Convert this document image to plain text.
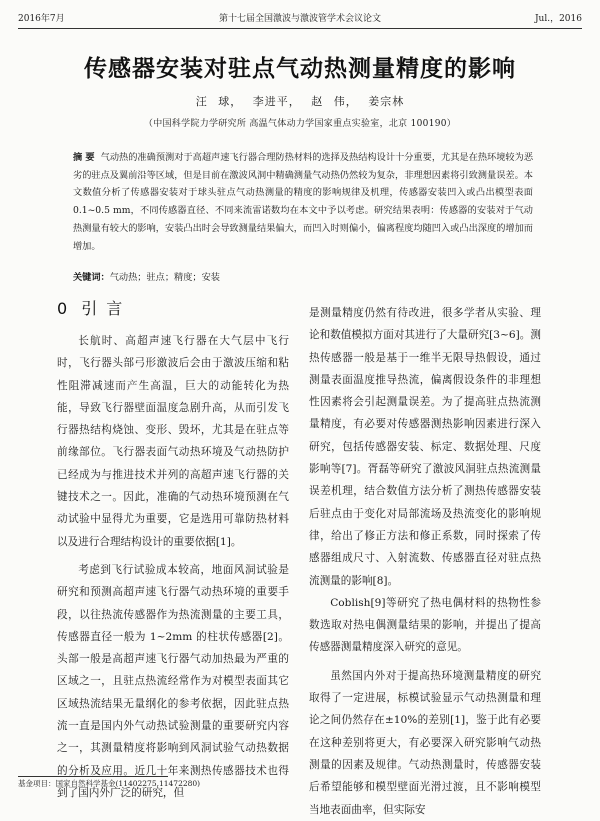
2016年7月	第十七届全国激波与激波管学术会议论文	Jul.，2016
传感器安装对驻点气动热测量精度的影响
汪 球， 李进平， 赵 伟， 姜宗林
（中国科学院力学研究所 高温气体动力学国家重点实验室，北京 100190）
摘 要 气动热的准确预测对于高超声速飞行器合理防热材料的选择及热结构设计十分重要，尤其是在热环境较为恶劣的驻点及翼前沿等区域，但是目前在激波风洞中精确测量气动热仍然较为复杂，非理想因素将引致测量误差。本文数值分析了传感器安装对于球头驻点气动热测量的精度的影响规律及机理，传感器安装凹入或凸出模型表面 0.1~0.5 mm，不同传感器直径、不同来流雷诺数均在本文中予以考虑。研究结果表明：传感器的安装对于气动热测量有较大的影响，安装凸出时会导致测量结果偏大，而凹入时则偏小，偏离程度均随凹入或凸出深度的增加而增加。
关键词：气动热；驻点；精度；安装
0 引 言

长航时、高超声速飞行器在大气层中飞行时，飞行器头部弓形激波后会由于激波压缩和粘性阻滞减速而产生高温，巨大的动能转化为热能，导致飞行器壁面温度急剧升高，从而引发飞行器热结构烧蚀、变形、毁坏，尤其是在驻点等前缘部位。飞行器表面气动热环境及气动热防护已经成为与推进技术并列的高超声速飞行器的关键技术之一。因此，准确的气动热环境预测在气动试验中显得尤为重要，它是选用可靠防热材料以及进行合理结构设计的重要依据[1]。

考虑到飞行试验成本较高，地面风洞试验是研究和预测高超声速飞行器气动热环境的重要手段，以往热流传感器作为热流测量的主要工具，传感器直径一般为 1~2mm 的柱状传感器[2]。头部一般是高超声速飞行器气动加热最为严重的区域之一，且驻点热流经常作为对模型表面其它区域热流结果无量纲化的参考依据，因此驻点热流一直是国内外气动热试验测量的重要研究内容之一，其测量精度将影响到风洞试验气动热数据的分析及应用。近几十年来测热传感器技术也得到了国内外广泛的研究，但

是测量精度仍然有待改进，很多学者从实验、理论和数值模拟方面对其进行了大量研究[3~6]。测热传感器一般是基于一维半无限导热假设，通过测量表面温度推导热流，偏离假设条件的非理想性因素将会引起测量误差。为了提高驻点热流测量精度，有必要对传感器测热影响因素进行深入研究，包括传感器安装、标定、数据处理、尺度影响等[7]。胥磊等研究了激波风洞驻点热流测量误差机理，结合数值方法分析了测热传感器安装后驻点由于变化对局部流场及热流变化的影响规律，给出了修正方法和修正系数，同时探索了传感器组成尺寸、入射流数、传感器直径对驻点热流测量的影响[8]。

Coblish[9]等研究了热电偶材料的热物性参数选取对热电偶测量结果的影响，并提出了提高传感器测量精度深入研究的意见。

虽然国内外对于提高热环境测量精度的研究取得了一定进展，标模试验显示气动热测量和理论之间仍然存在±10%的差别[1]，鉴于此有必要在这种差别将更大，有必要深入研究影响气动热测量的因素及规律。气动热测量时，传感器安装后希望能够和模型壁面光滑过渡，且不影响模型当地表面曲率，但实际安

基金项目：国家自然科学基金(11402275,11472280)
